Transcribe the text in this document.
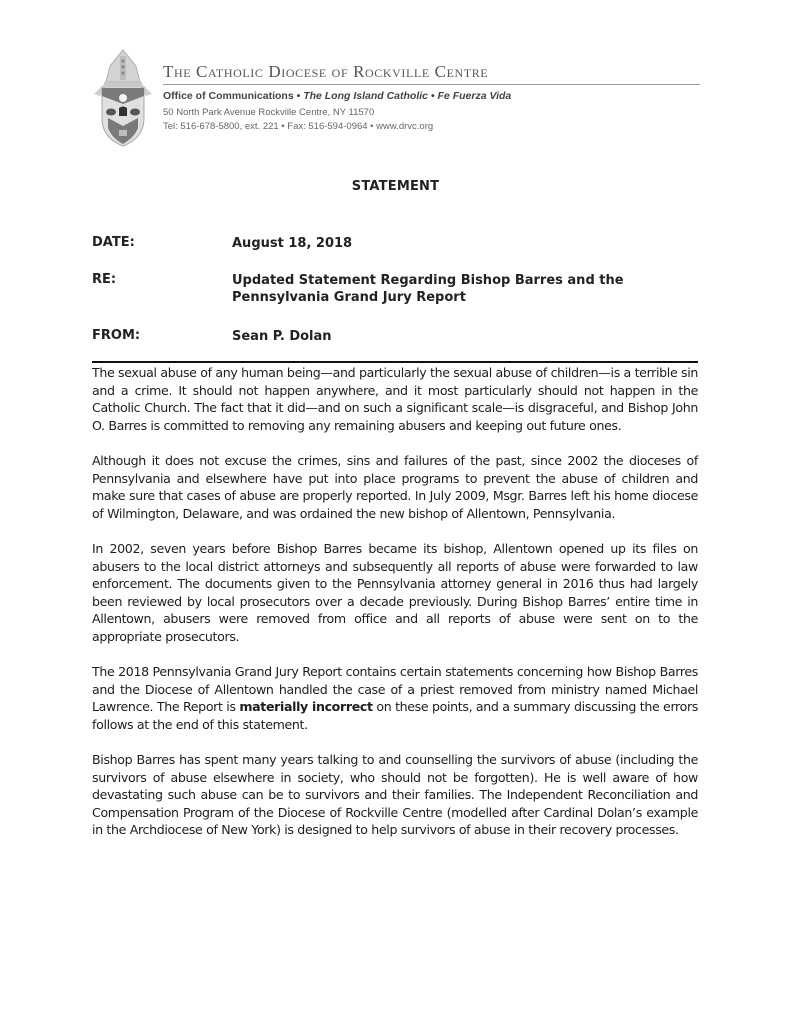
The Catholic Diocese of Rockville Centre
Office of Communications • The Long Island Catholic • Fe Fuerza Vida
50 North Park Avenue Rockville Centre, NY 11570
Tel: 516-678-5800, ext. 221 • Fax: 516-594-0964 • www.drvc.org
STATEMENT
DATE:	August 18, 2018
RE:	Updated Statement Regarding Bishop Barres and the
Pennsylvania Grand Jury Report
FROM:	Sean P. Dolan

The sexual abuse of any human being—and particularly the sexual abuse of children—is a terrible sin and a crime. It should not happen anywhere, and it most particularly should not happen in the Catholic Church. The fact that it did—and on such a significant scale—is disgraceful, and Bishop John O. Barres is committed to removing any remaining abusers and keeping out future ones.

Although it does not excuse the crimes, sins and failures of the past, since 2002 the dioceses of Pennsylvania and elsewhere have put into place programs to prevent the abuse of children and make sure that cases of abuse are properly reported. In July 2009, Msgr. Barres left his home diocese of Wilmington, Delaware, and was ordained the new bishop of Allentown, Pennsylvania.

In 2002, seven years before Bishop Barres became its bishop, Allentown opened up its files on abusers to the local district attorneys and subsequently all reports of abuse were forwarded to law enforcement. The documents given to the Pennsylvania attorney general in 2016 thus had largely been reviewed by local prosecutors over a decade previously. During Bishop Barres’ entire time in Allentown, abusers were removed from office and all reports of abuse were sent on to the appropriate prosecutors.

The 2018 Pennsylvania Grand Jury Report contains certain statements concerning how Bishop Barres and the Diocese of Allentown handled the case of a priest removed from ministry named Michael Lawrence. The Report is materially incorrect on these points, and a summary discussing the errors follows at the end of this statement.

Bishop Barres has spent many years talking to and counselling the survivors of abuse (including the survivors of abuse elsewhere in society, who should not be forgotten). He is well aware of how devastating such abuse can be to survivors and their families. The Independent Reconciliation and Compensation Program of the Diocese of Rockville Centre (modelled after Cardinal Dolan’s example in the Archdiocese of New York) is designed to help survivors of abuse in their recovery processes.
